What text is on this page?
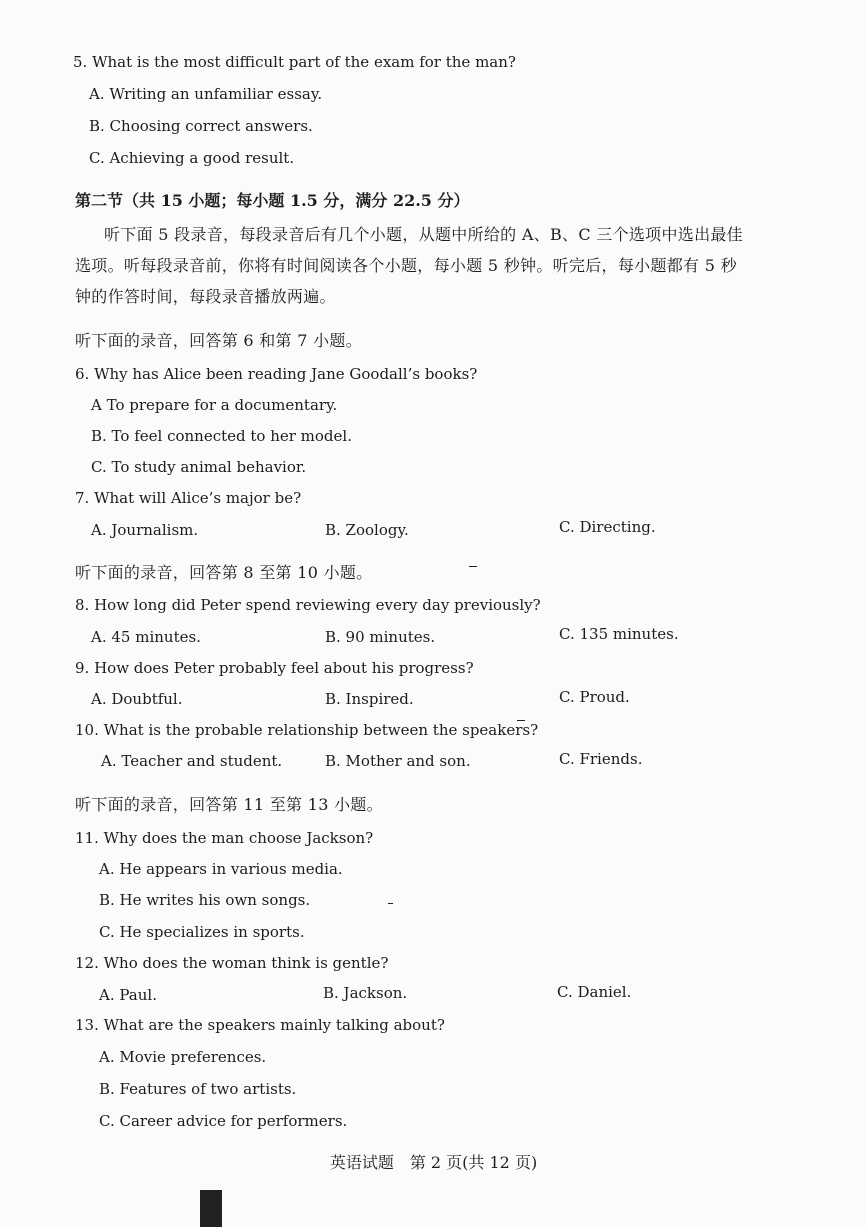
5. What is the most difficult part of the exam for the man?
A. Writing an unfamiliar essay.
B. Choosing correct answers.
C. Achieving a good result.
第二节（共 15 小题；每小题 1.5 分，满分 22.5 分）
听下面 5 段录音，每段录音后有几个小题，从题中所给的 A、B、C 三个选项中选出最佳
选项。听每段录音前，你将有时间阅读各个小题，每小题 5 秒钟。听完后，每小题都有 5 秒
钟的作答时间，每段录音播放两遍。
听下面的录音，回答第 6 和第 7 小题。
6. Why has Alice been reading Jane Goodall’s books?
A To prepare for a documentary.
B. To feel connected to her model.
C. To study animal behavior.
7. What will Alice’s major be?
A. Journalism.	B. Zoology.	C. Directing.
听下面的录音，回答第 8 至第 10 小题。
8. How long did Peter spend reviewing every day previously?
A. 45 minutes.	B. 90 minutes.	C. 135 minutes.
9. How does Peter probably feel about his progress?
A. Doubtful.	B. Inspired.	C. Proud.
10. What is the probable relationship between the speakers?
A. Teacher and student.	B. Mother and son.	C. Friends.
听下面的录音，回答第 11 至第 13 小题。
11. Why does the man choose Jackson?
A. He appears in various media.
B. He writes his own songs.
C. He specializes in sports.
12. Who does the woman think is gentle?
A. Paul.	B. Jackson.	C. Daniel.
13. What are the speakers mainly talking about?
A. Movie preferences.
B. Features of two artists.
C. Career advice for performers.
英语试题　第 2 页(共 12 页)
